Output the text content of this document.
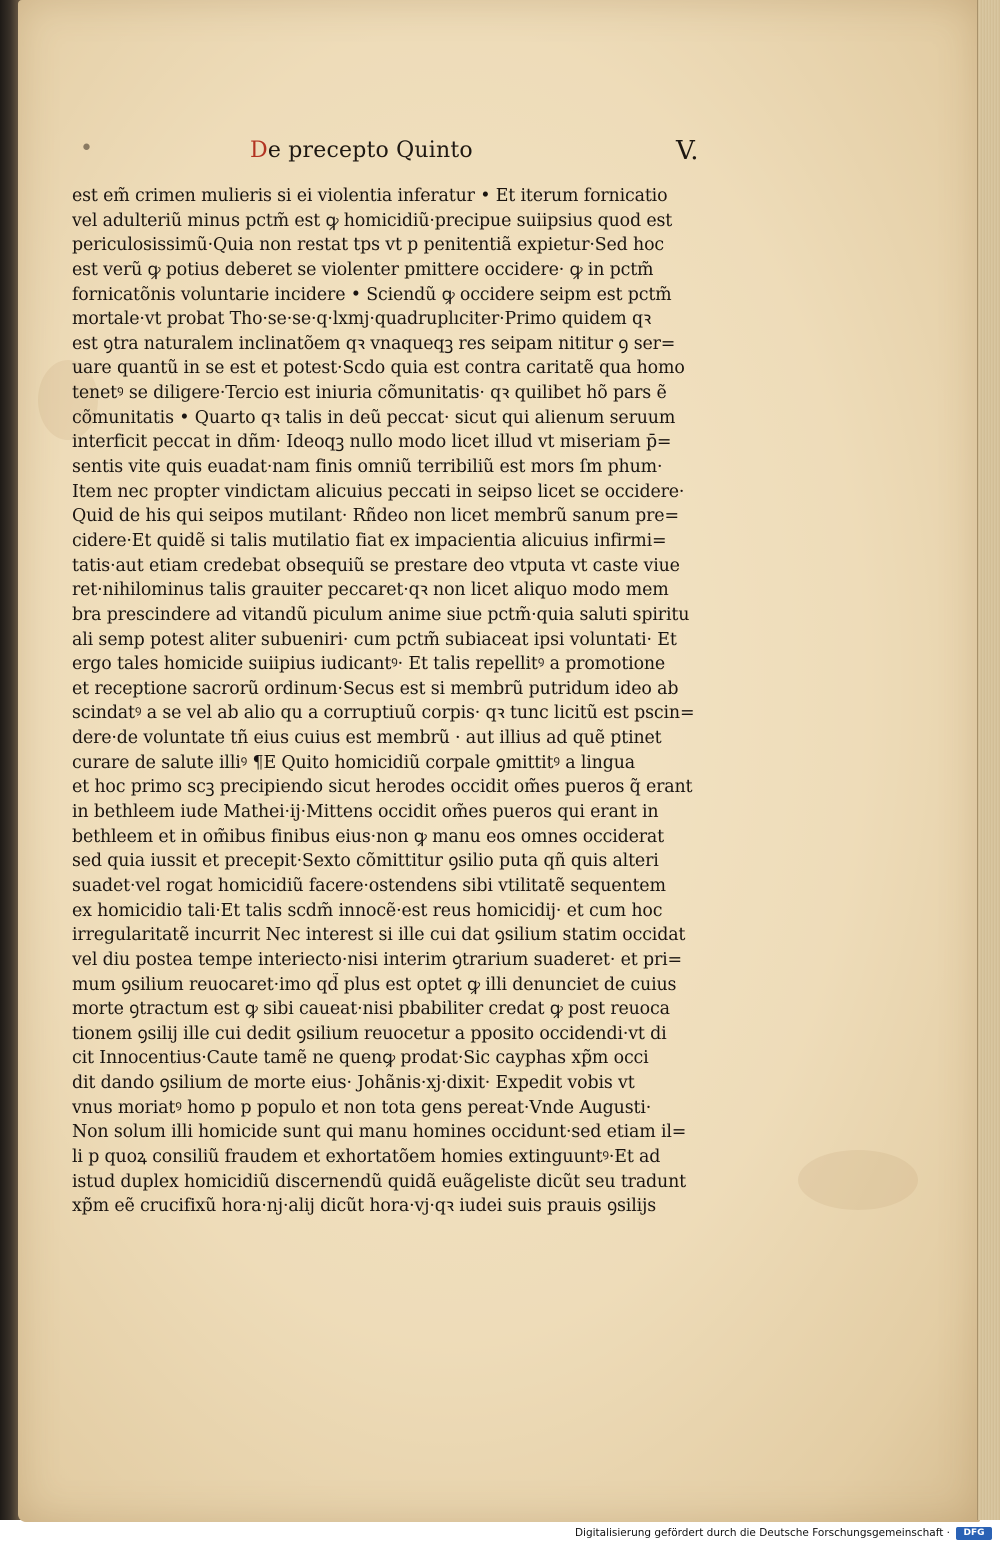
•	De precepto Quinto	V.
est em̃ crimen mulieris si ei violentia inferatur • Et iterum fornicatio
vel adulteriũ minus pctm̃ est ꝙ homicidiũ·precipue suiipsius quod est
periculosissimũ·Quia non restat tps vt p penitentiã expietur·Sed hoc
est verũ ꝙ potius deberet se violenter pmittere occidere· ꝙ in pctm̃
fornicatõnis voluntarie incidere • Sciendũ ꝙ occidere seipm est pctm̃
mortale·vt probat Tho·se·se·q·lxmj·quadruplıciter·Primo quidem qꝛ
est ꝯtra naturalem inclinatõem qꝛ vnaqueqꝫ res seipam nititur ꝯ ser=
uare quantũ in se est et potest·Scdo quia est contra caritatẽ qua homo
tenetꝰ se diligere·Tercio est iniuria cõmunitatis· qꝛ quilibet hõ pars ẽ
cõmunitatis • Quarto qꝛ talis in deũ peccat· sicut qui alienum seruum
interficit peccat in dñm· Ideoqꝫ nullo modo licet illud vt miseriam p̄=
sentis vite quis euadat·nam finis omniũ terribiliũ est mors ſm phum·
Item nec propter vindictam alicuius peccati in seipso licet se occidere·
Quid de his qui seipos mutilant· Rñdeo non licet membrũ sanum pre=
cidere·Et quidẽ si talis mutilatio fiat ex impacientia alicuius infirmi=
tatis·aut etiam credebat obsequiũ se prestare deo vtputa vt caste viue
ret·nihilominus talis grauiter peccaret·qꝛ non licet aliquo modo mem
bra prescindere ad vitandũ piculum anime siue pctm̃·quia saluti spiritu
ali semp potest aliter subueniri· cum pctm̃ subiaceat ipsi voluntati· Et
ergo tales homicide suiipius iudicantꝰ· Et talis repellitꝰ a promotione
et receptione sacrorũ ordinum·Secus est si membrũ putridum ideo ab
scindatꝰ a se vel ab alio qu a corruptiuũ corpis· qꝛ tunc licitũ est pscin=
dere·de voluntate tñ eius cuius est membrũ · aut illius ad quẽ ptinet
curare de salute illiꝰ ¶E Quito homicidiũ corpale ꝯmittitꝰ a lingua
et hoc primo scꝫ precipiendo sicut herodes occidit om̃es pueros q̃ erant
in bethleem iude Mathei·ij·Mittens occidit om̃es pueros qui erant in
bethleem et in om̃ibus finibus eius·non ꝙ manu eos omnes occiderat
sed quia iussit et precepit·Sexto cõmittitur ꝯsilio puta qñ quis alteri
suadet·vel rogat homicidiũ facere·ostendens sibi vtilitatẽ sequentem
ex homicidio tali·Et talis scdm̃ innocẽ·est reus homicidij· et cum hoc
irregularitatẽ incurrit Nec interest si ille cui dat ꝯsilium statim occidat
vel diu postea tempe interiecto·nisi interim ꝯtrarium suaderet· et pri=
mum ꝯsilium reuocaret·imo qd̃ plus est optet ꝙ illi denunciet de cuius
morte ꝯtractum est ꝙ sibi caueat·nisi pbabiliter credat ꝙ post reuoca
tionem ꝯsilij ille cui dedit ꝯsilium reuocetur a pposito occidendi·vt di
cit Innocentius·Caute tamẽ ne quenꝙ prodat·Sic cayphas xp̃m occi
dit dando ꝯsilium de morte eius· Johãnis·xj·dixit· Expedit vobis vt
vnus moriatꝰ homo p populo et non tota gens pereat·Vnde Augusti·
Non solum illi homicide sunt qui manu homines occidunt·sed etiam il=
li p quoꝝ consiliũ fraudem et exhortatõem homies extinguuntꝰ·Et ad
istud duplex homicidiũ discernendũ quidã euãgeliste dicũt seu tradunt
xp̃m eẽ crucifixũ hora·nj·alij dicũt hora·vj·qꝛ iudei suis prauis ꝯsilijs
Digitalisierung gefördert durch die Deutsche Forschungsgemeinschaft ·	DFG
